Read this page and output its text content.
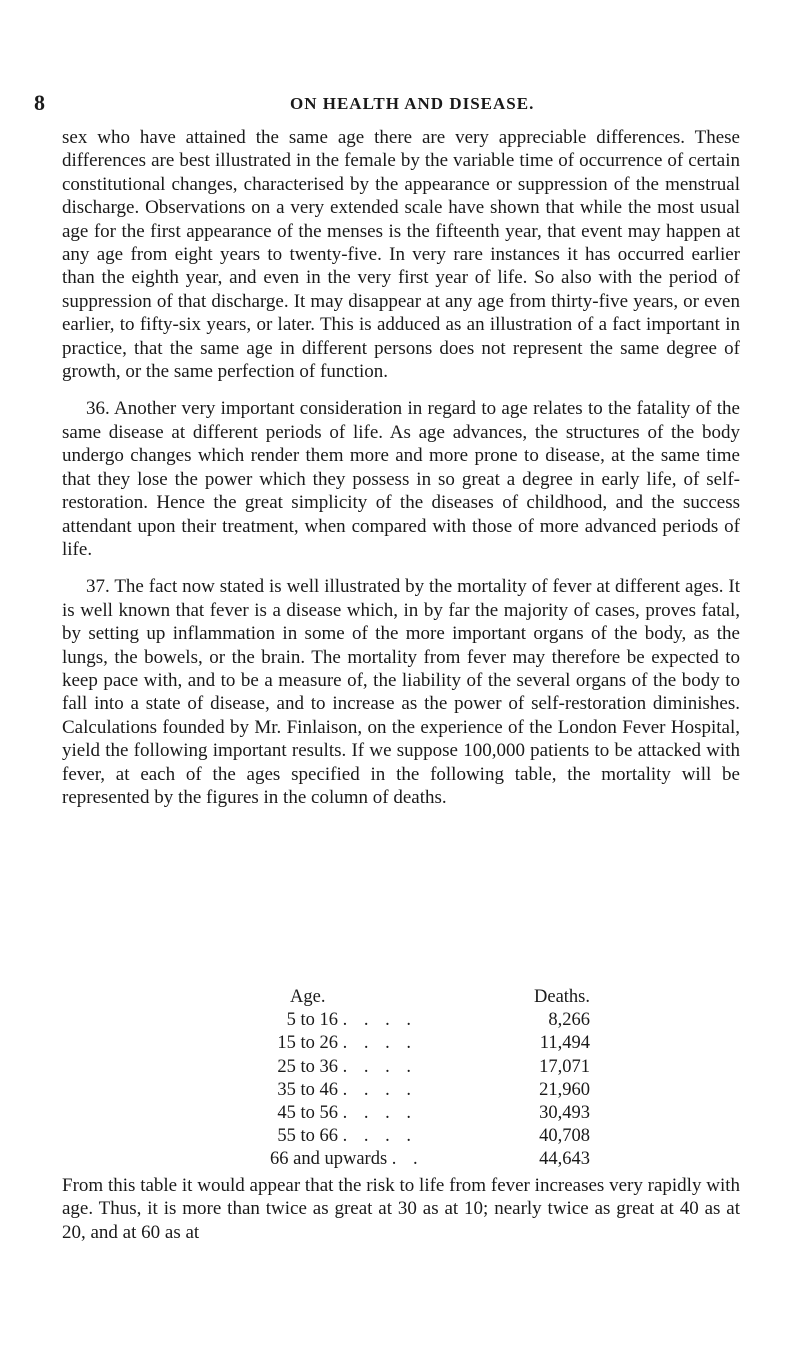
8	ON HEALTH AND DISEASE.

sex who have attained the same age there are very appreciable differences. These differences are best illustrated in the female by the variable time of occurrence of certain constitutional changes, characterised by the appearance or suppression of the menstrual discharge. Observations on a very extended scale have shown that while the most usual age for the first appearance of the menses is the fifteenth year, that event may happen at any age from eight years to twenty-five. In very rare instances it has occurred earlier than the eighth year, and even in the very first year of life. So also with the period of suppression of that discharge. It may disappear at any age from thirty-five years, or even earlier, to fifty-six years, or later. This is adduced as an illustration of a fact important in practice, that the same age in different persons does not represent the same degree of growth, or the same perfection of function.

36. Another very important consideration in regard to age relates to the fatality of the same disease at different periods of life. As age advances, the structures of the body undergo changes which render them more and more prone to disease, at the same time that they lose the power which they possess in so great a degree in early life, of self-restoration. Hence the great simplicity of the diseases of childhood, and the success attendant upon their treatment, when compared with those of more advanced periods of life.

37. The fact now stated is well illustrated by the mortality of fever at different ages. It is well known that fever is a disease which, in by far the majority of cases, proves fatal, by setting up inflammation in some of the more important organs of the body, as the lungs, the bowels, or the brain. The mortality from fever may therefore be expected to keep pace with, and to be a measure of, the liability of the several organs of the body to fall into a state of disease, and to increase as the power of self-restoration diminishes. Calculations founded by Mr. Finlaison, on the experience of the London Fever Hospital, yield the following important results. If we suppose 100,000 patients to be attacked with fever, at each of the ages specified in the following table, the mortality will be represented by the figures in the column of deaths.

Age.	Deaths.
5 to 16 . . . .	8,266
15 to 26 . . . .	11,494
25 to 36 . . . .	17,071
35 to 46 . . . .	21,960
45 to 56 . . . .	30,493
55 to 66 . . . .	40,708
66 and upwards . .	44,643

From this table it would appear that the risk to life from fever increases very rapidly with age. Thus, it is more than twice as great at 30 as at 10; nearly twice as great at 40 as at 20, and at 60 as at
